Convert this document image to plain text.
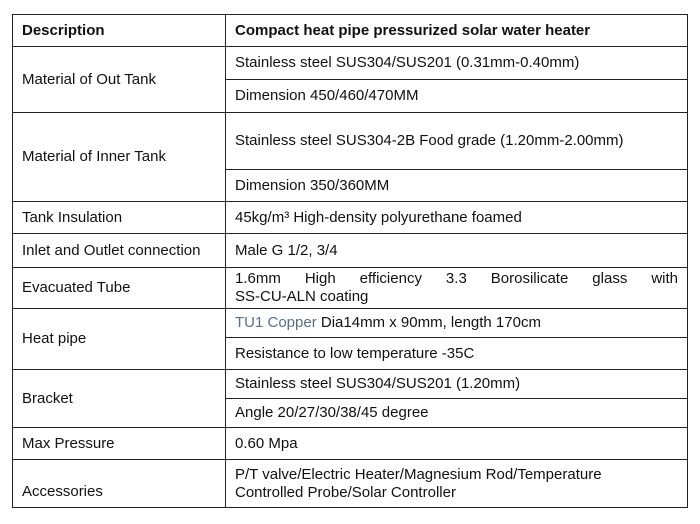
Description	Compact heat pipe pressurized solar water heater
Material of Out Tank	Stainless steel SUS304/SUS201 (0.31mm-0.40mm)
	Dimension 450/460/470MM
Material of Inner Tank	Stainless steel SUS304-2B Food grade (1.20mm-2.00mm)
	Dimension 350/360MM
Tank Insulation	45kg/m³ High-density polyurethane foamed
Inlet and Outlet connection	Male G 1/2, 3/4
Evacuated Tube	1.6mm High efficiency 3.3 Borosilicate glass with
SS-CU-ALN coating

Heat pipe	TU1 Copper Dia14mm x 90mm, length 170cm
	Resistance to low temperature -35C
Bracket	Stainless steel SUS304/SUS201 (1.20mm)
	Angle 20/27/30/38/45 degree
Max Pressure	0.60 Mpa
Accessories	P/T valve/Electric Heater/Magnesium Rod/Temperature
Controlled Probe/Solar Controller
